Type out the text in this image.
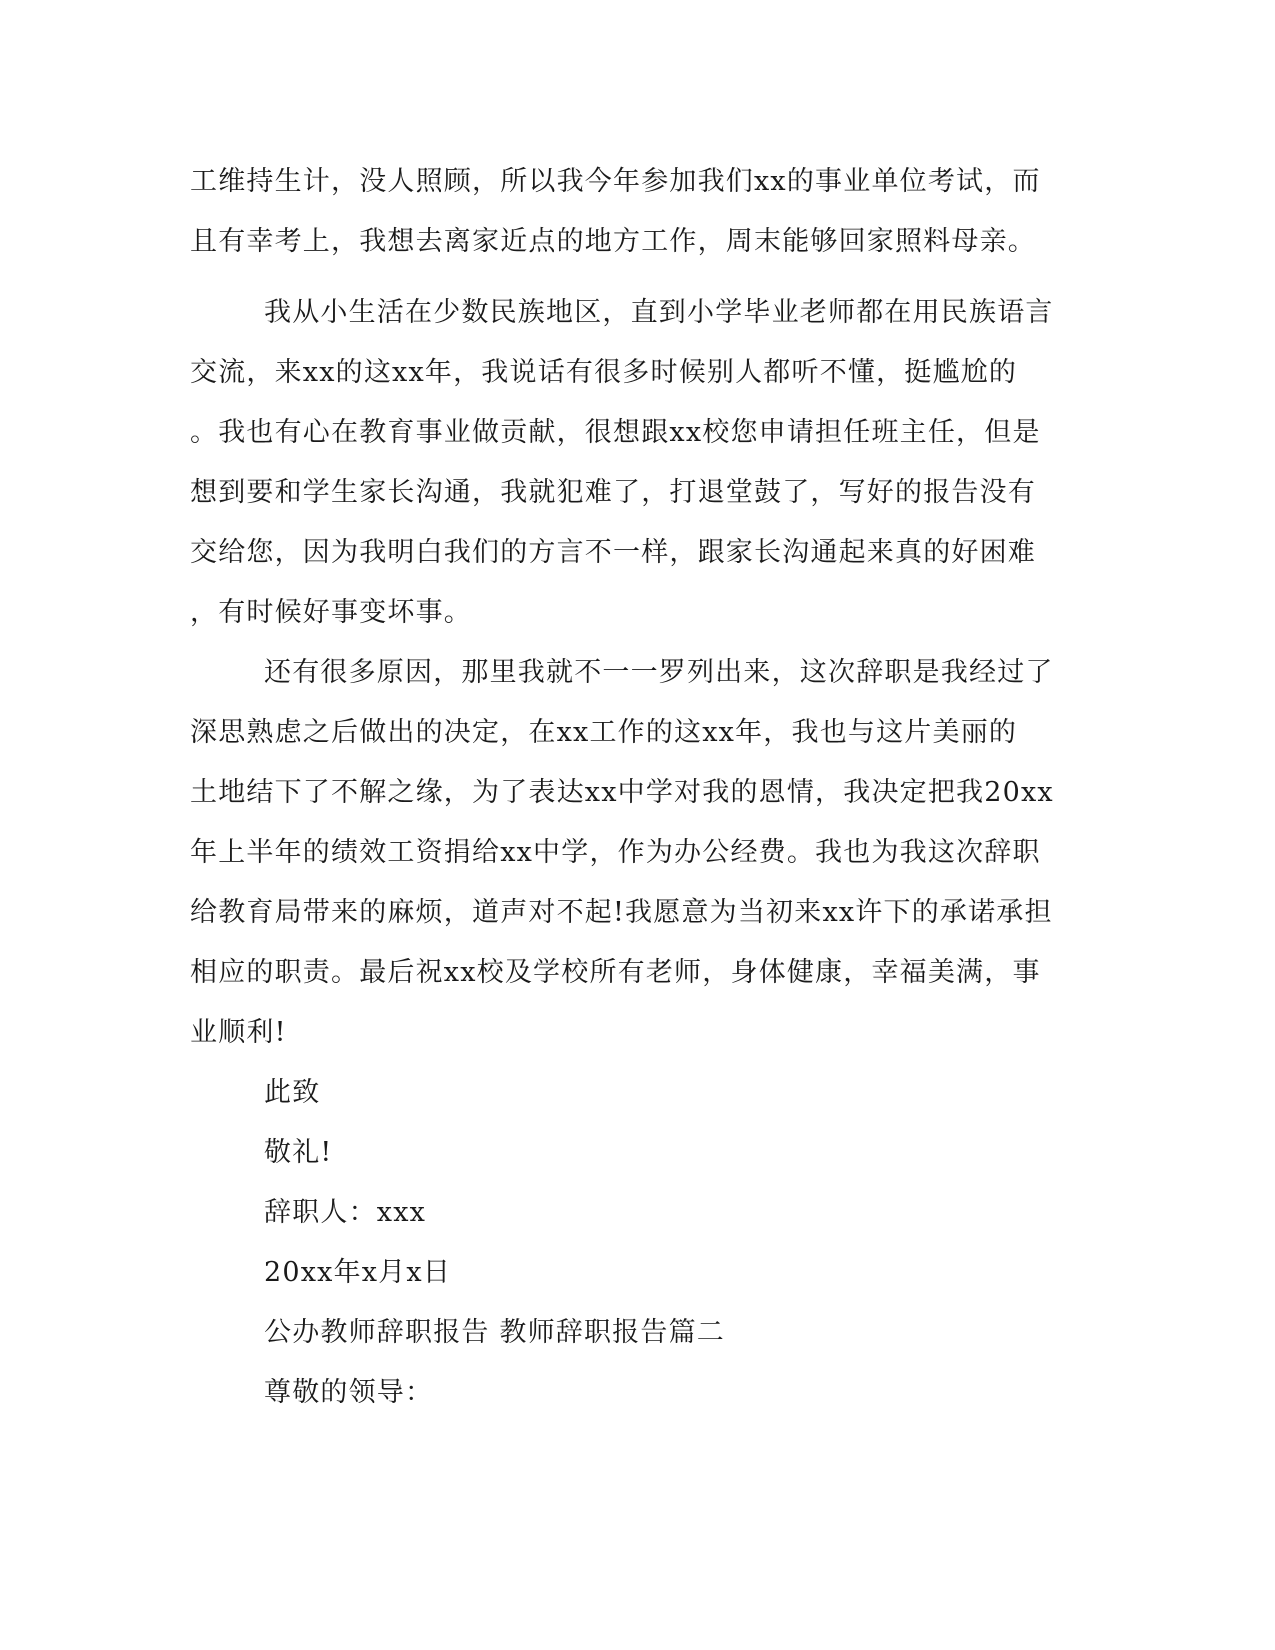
工维持生计，没人照顾，所以我今年参加我们xx的事业单位考试，而
且有幸考上，我想去离家近点的地方工作，周末能够回家照料母亲。
我从小生活在少数民族地区，直到小学毕业老师都在用民族语言
交流，来xx的这xx年，我说话有很多时候别人都听不懂，挺尴尬的
。我也有心在教育事业做贡献，很想跟xx校您申请担任班主任，但是
想到要和学生家长沟通，我就犯难了，打退堂鼓了，写好的报告没有
交给您，因为我明白我们的方言不一样，跟家长沟通起来真的好困难
，有时候好事变坏事。
还有很多原因，那里我就不一一罗列出来，这次辞职是我经过了
深思熟虑之后做出的决定，在xx工作的这xx年，我也与这片美丽的
土地结下了不解之缘，为了表达xx中学对我的恩情，我决定把我20xx
年上半年的绩效工资捐给xx中学，作为办公经费。我也为我这次辞职
给教育局带来的麻烦，道声对不起!我愿意为当初来xx许下的承诺承担
相应的职责。最后祝xx校及学校所有老师，身体健康，幸福美满，事
业顺利!
此致
敬礼!
辞职人：xxx
20xx年x月x日
公办教师辞职报告 教师辞职报告篇二
尊敬的领导：
